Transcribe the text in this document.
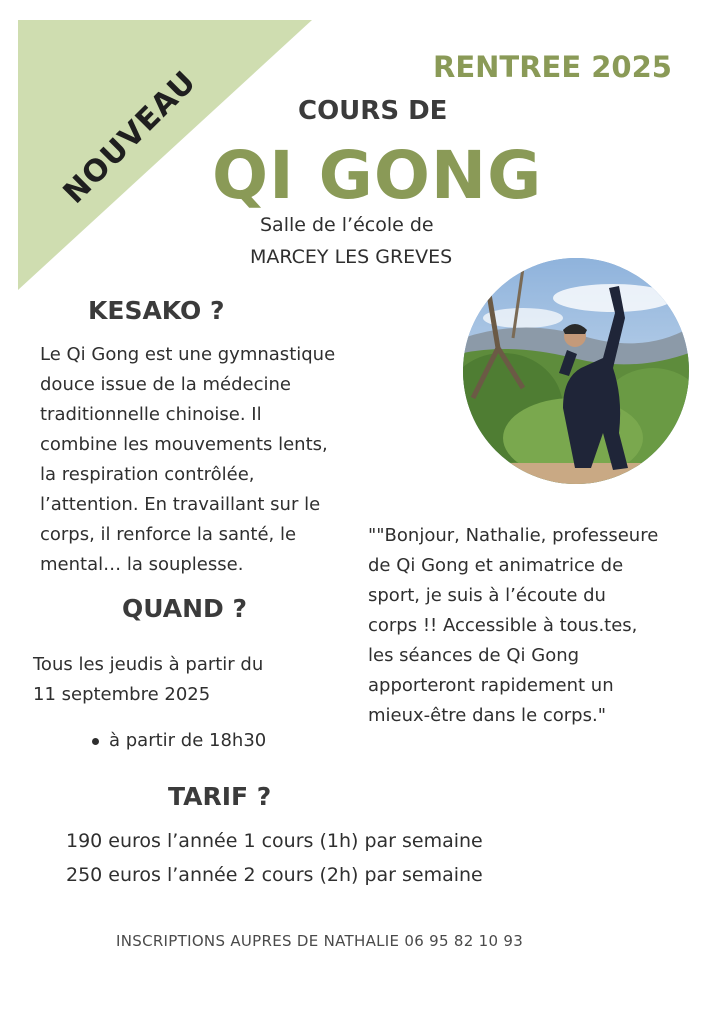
NOUVEAU	RENTREE 2025
COURS DE
QI GONG
Salle de l’école de
MARCEY LES GREVES
KESAKO ?
Le Qi Gong est une gymnastique
douce issue de la médecine
traditionnelle chinoise. Il
combine les mouvements lents,
la respiration contrôlée,
l’attention. En travaillant sur le
corps, il renforce la santé, le
mental… la souplesse.
""Bonjour, Nathalie, professeure
de Qi Gong et animatrice de
sport, je suis à l’écoute du
corps !! Accessible à tous.tes,
les séances de Qi Gong
apporteront rapidement un
mieux-être dans le corps."
QUAND ?
Tous les jeudis à partir du
11 septembre 2025
à partir de 18h30
TARIF ?
190 euros l’année 1 cours (1h) par semaine
250 euros l’année 2 cours (2h) par semaine
INSCRIPTIONS AUPRES DE NATHALIE 06 95 82 10 93
